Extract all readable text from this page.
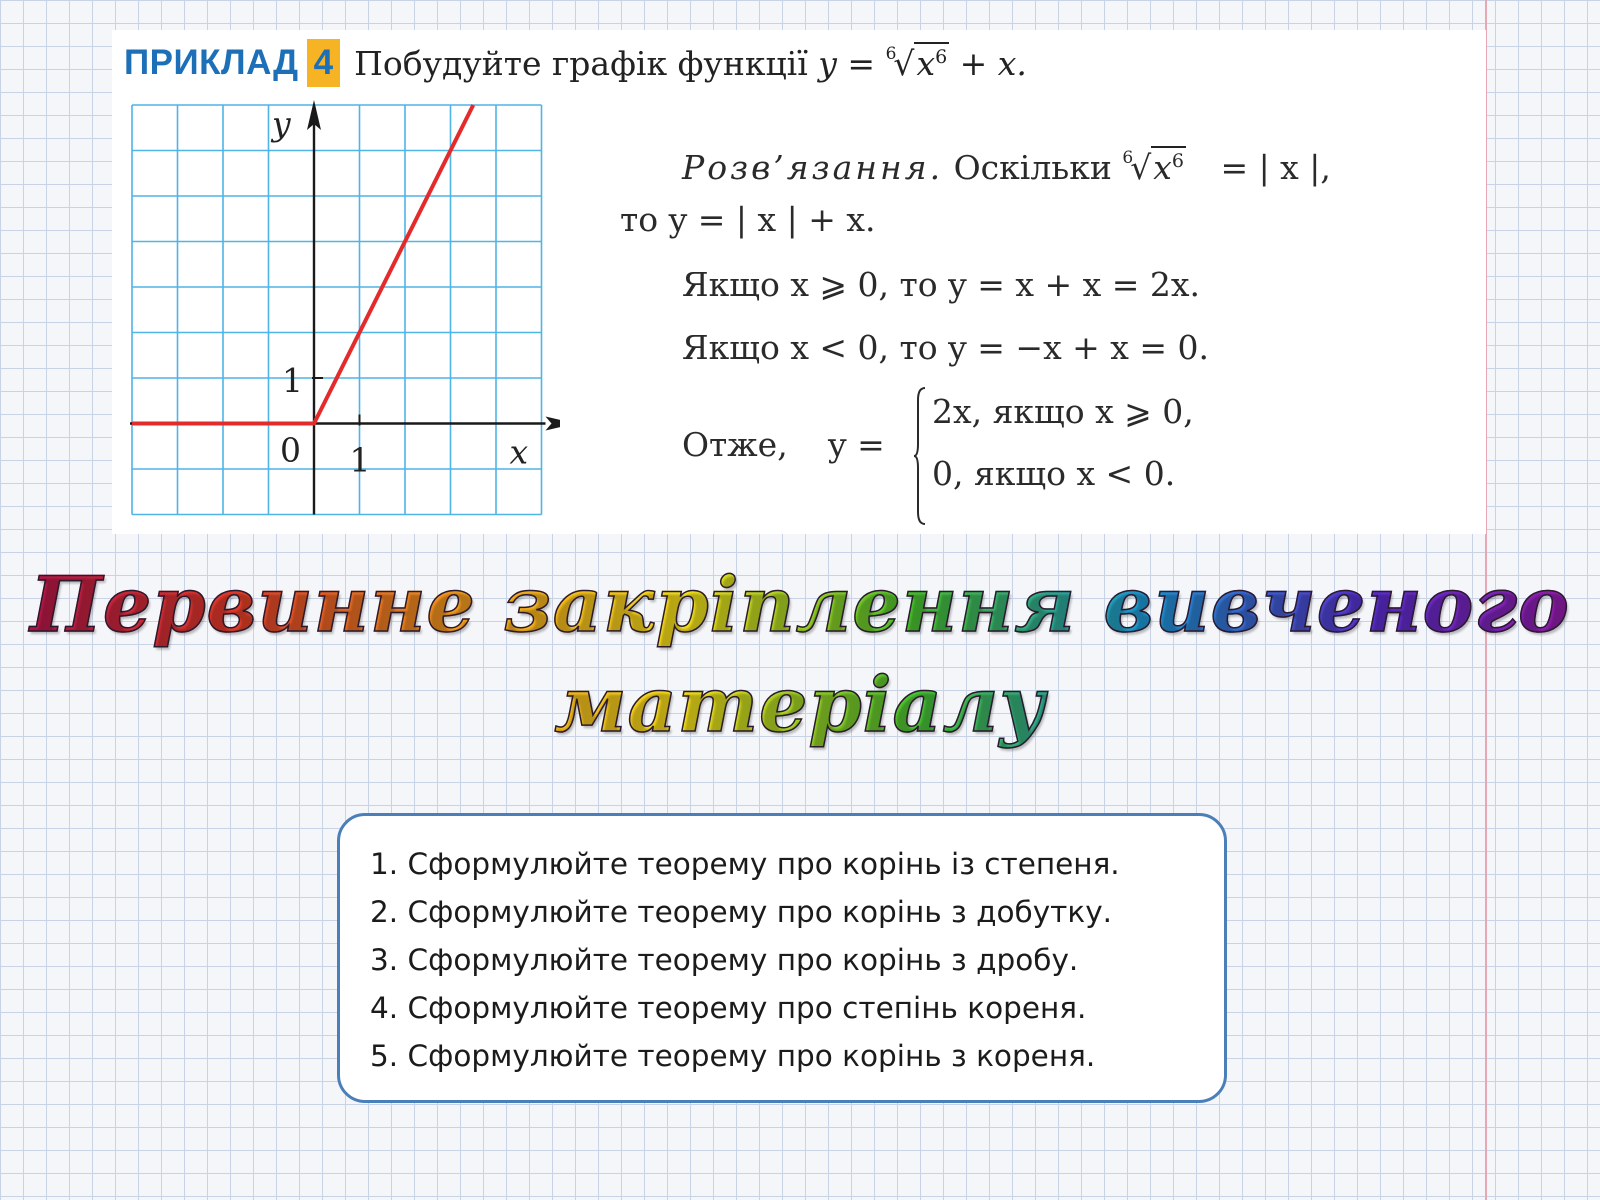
ПРИКЛАД 4 Побудуйте графік функції $y = ^6√x^6 + x$.
y
x
0 1
1
Розв’язання. Оскільки $^6√x^6$ = | x |,
то y = | x | + x.
Якщо x ⩾ 0, то y = x + x = 2x.
Якщо x < 0, то y = −x + x = 0.
Отже, y =
2x, якщо x ⩾ 0,
0, якщо x < 0.
Первинне закріплення вивченого
матеріалу
1. Сформулюйте теорему про корінь із степеня.
2. Сформулюйте теорему про корінь з добутку.
3. Сформулюйте теорему про корінь з дробу.
4. Сформулюйте теорему про степінь кореня.
5. Сформулюйте теорему про корінь з кореня.
